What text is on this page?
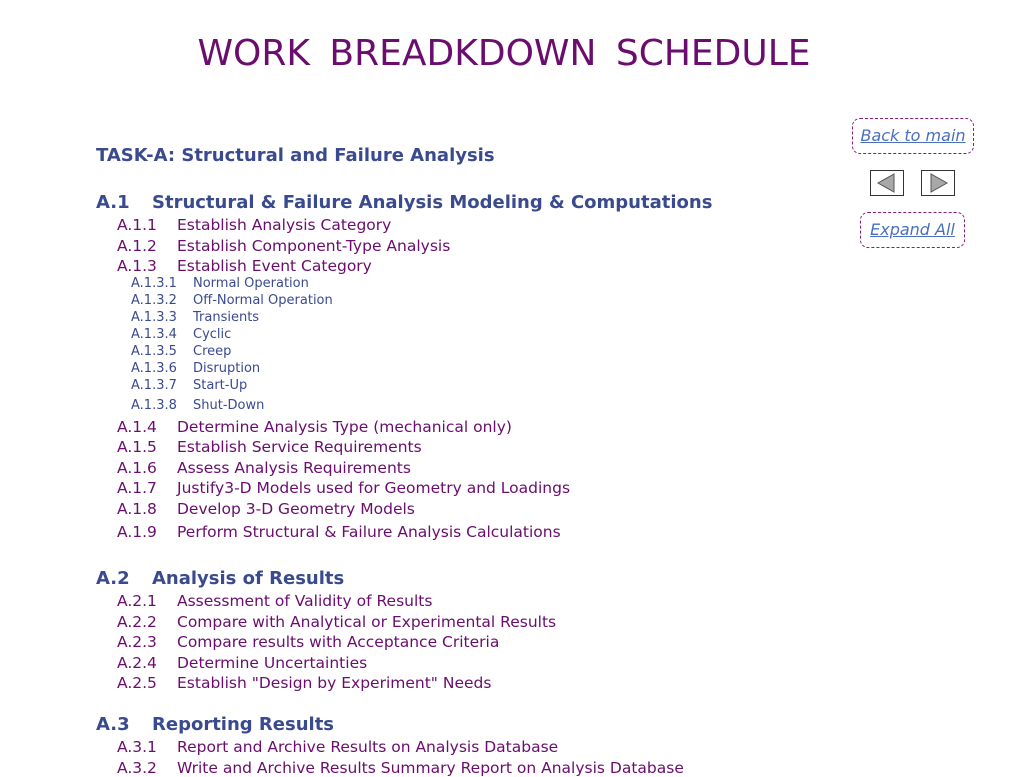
WORK BREADKDOWN SCHEDULE
Back to main
Expand All
TASK-A: Structural and Failure Analysis
A.1 Structural & Failure Analysis Modeling & Computations
A.1.1 Establish Analysis Category
A.1.2 Establish Component-Type Analysis
A.1.3 Establish Event Category
A.1.3.1 Normal Operation
A.1.3.2 Off-Normal Operation
A.1.3.3 Transients
A.1.3.4 Cyclic
A.1.3.5 Creep
A.1.3.6 Disruption
A.1.3.7 Start-Up
A.1.3.8 Shut-Down
A.1.4 Determine Analysis Type (mechanical only)
A.1.5 Establish Service Requirements
A.1.6 Assess Analysis Requirements
A.1.7 Justify3-D Models used for Geometry and Loadings
A.1.8 Develop 3-D Geometry Models
A.1.9 Perform Structural & Failure Analysis Calculations
A.2 Analysis of Results
A.2.1 Assessment of Validity of Results
A.2.2 Compare with Analytical or Experimental Results
A.2.3 Compare results with Acceptance Criteria
A.2.4 Determine Uncertainties
A.2.5 Establish "Design by Experiment" Needs
A.3 Reporting Results
A.3.1 Report and Archive Results on Analysis Database
A.3.2 Write and Archive Results Summary Report on Analysis Database
